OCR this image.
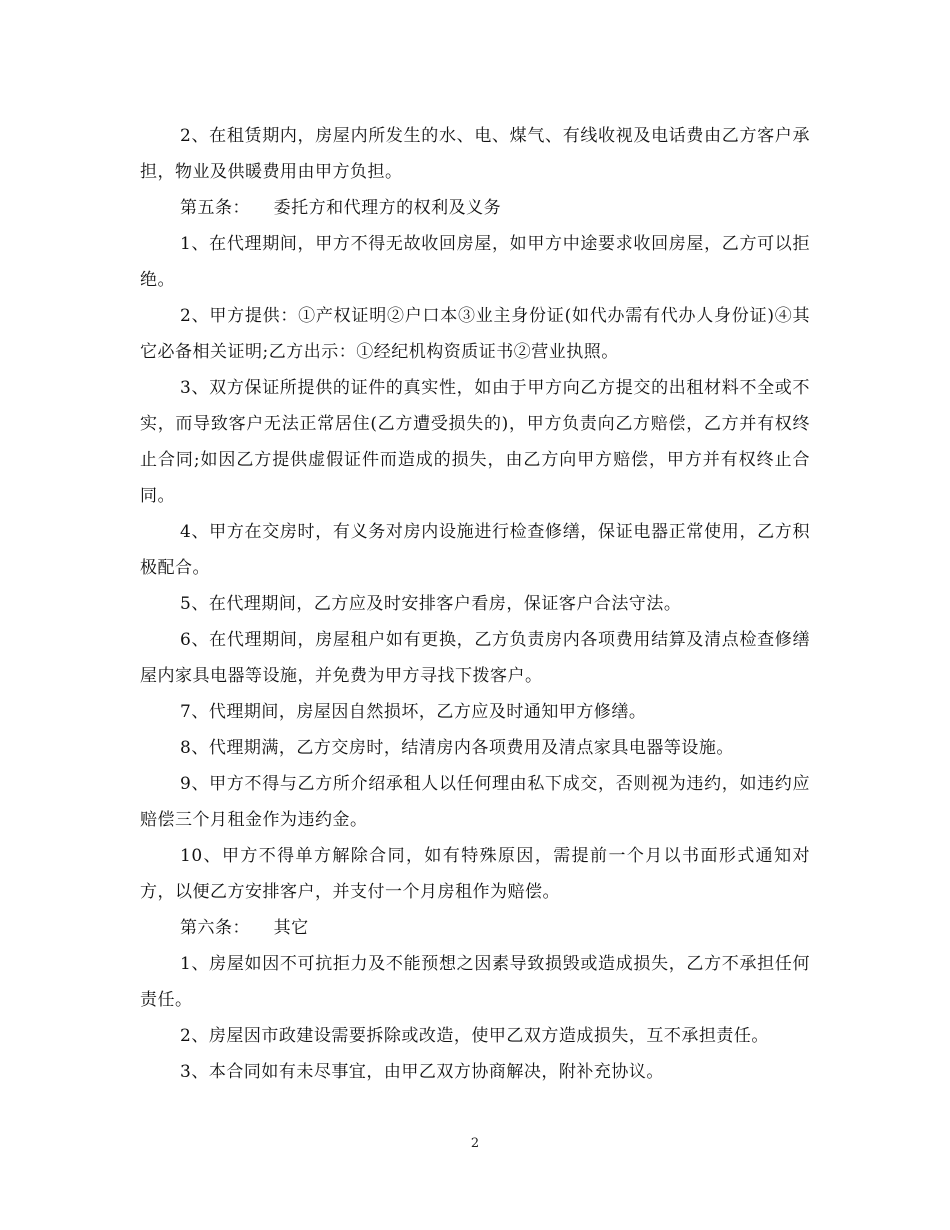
2、在租赁期内，房屋内所发生的水、电、煤气、有线收视及电话费由乙方客户承担，物业及供暖费用由甲方负担。

第五条：    委托方和代理方的权利及义务

1、在代理期间，甲方不得无故收回房屋，如甲方中途要求收回房屋，乙方可以拒绝。

2、甲方提供：①产权证明②户口本③业主身份证(如代办需有代办人身份证)④其它必备相关证明;乙方出示：①经纪机构资质证书②营业执照。

3、双方保证所提供的证件的真实性，如由于甲方向乙方提交的出租材料不全或不实，而导致客户无法正常居住(乙方遭受损失的)，甲方负责向乙方赔偿，乙方并有权终止合同;如因乙方提供虚假证件而造成的损失，由乙方向甲方赔偿，甲方并有权终止合同。

4、甲方在交房时，有义务对房内设施进行检查修缮，保证电器正常使用，乙方积极配合。

5、在代理期间，乙方应及时安排客户看房，保证客户合法守法。

6、在代理期间，房屋租户如有更换，乙方负责房内各项费用结算及清点检查修缮屋内家具电器等设施，并免费为甲方寻找下拨客户。

7、代理期间，房屋因自然损坏，乙方应及时通知甲方修缮。

8、代理期满，乙方交房时，结清房内各项费用及清点家具电器等设施。

9、甲方不得与乙方所介绍承租人以任何理由私下成交，否则视为违约，如违约应赔偿三个月租金作为违约金。

10、甲方不得单方解除合同，如有特殊原因，需提前一个月以书面形式通知对方，以便乙方安排客户，并支付一个月房租作为赔偿。

第六条：    其它

1、房屋如因不可抗拒力及不能预想之因素导致损毁或造成损失，乙方不承担任何责任。

2、房屋因市政建设需要拆除或改造，使甲乙双方造成损失，互不承担责任。

3、本合同如有未尽事宜，由甲乙双方协商解决，附补充协议。

2
